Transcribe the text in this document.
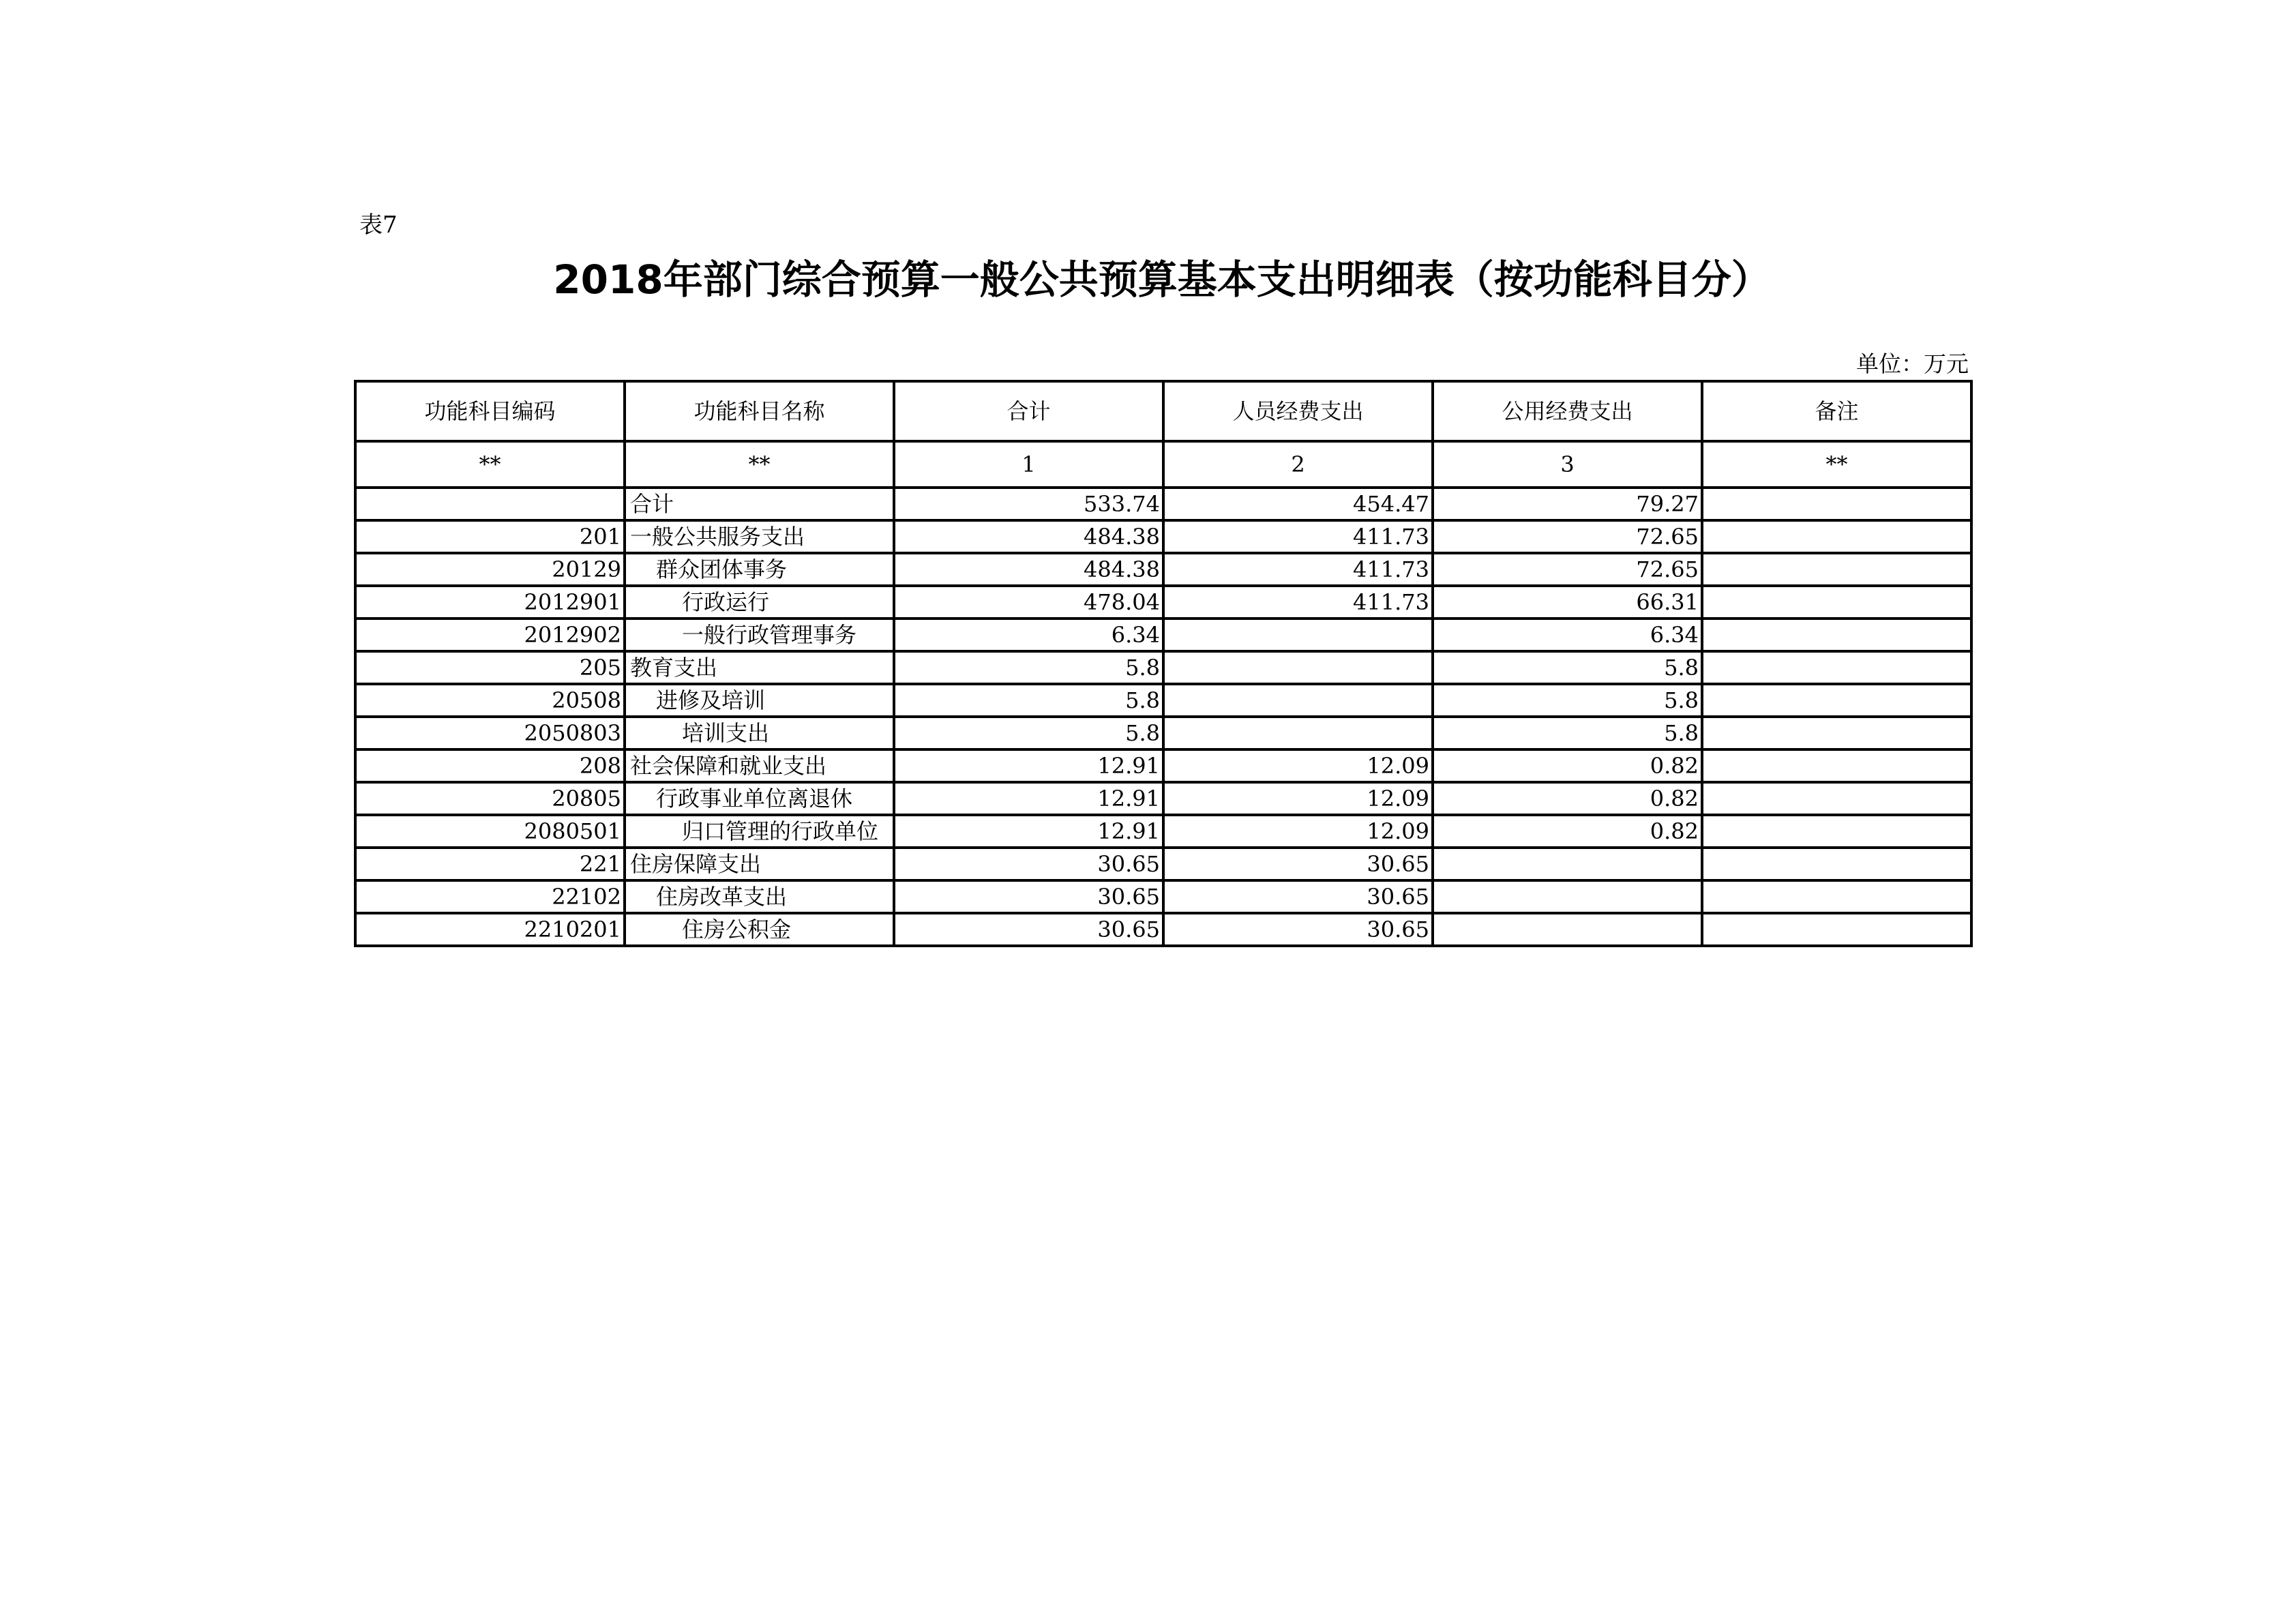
表7
2018年部门综合预算一般公共预算基本支出明细表（按功能科目分）
单位：万元
功能科目编码	功能科目名称	合计	人员经费支出	公用经费支出	备注
**	**	1	2	3	**
	合计	533.74	454.47	79.27	
201	一般公共服务支出	484.38	411.73	72.65	
20129	群众团体事务	484.38	411.73	72.65	
2012901	行政运行	478.04	411.73	66.31	
2012902	一般行政管理事务	6.34		6.34	
205	教育支出	5.8		5.8	
20508	进修及培训	5.8		5.8	
2050803	培训支出	5.8		5.8	
208	社会保障和就业支出	12.91	12.09	0.82	
20805	行政事业单位离退休	12.91	12.09	0.82	
2080501	归口管理的行政单位	12.91	12.09	0.82	
221	住房保障支出	30.65	30.65		
22102	住房改革支出	30.65	30.65		
2210201	住房公积金	30.65	30.65		
